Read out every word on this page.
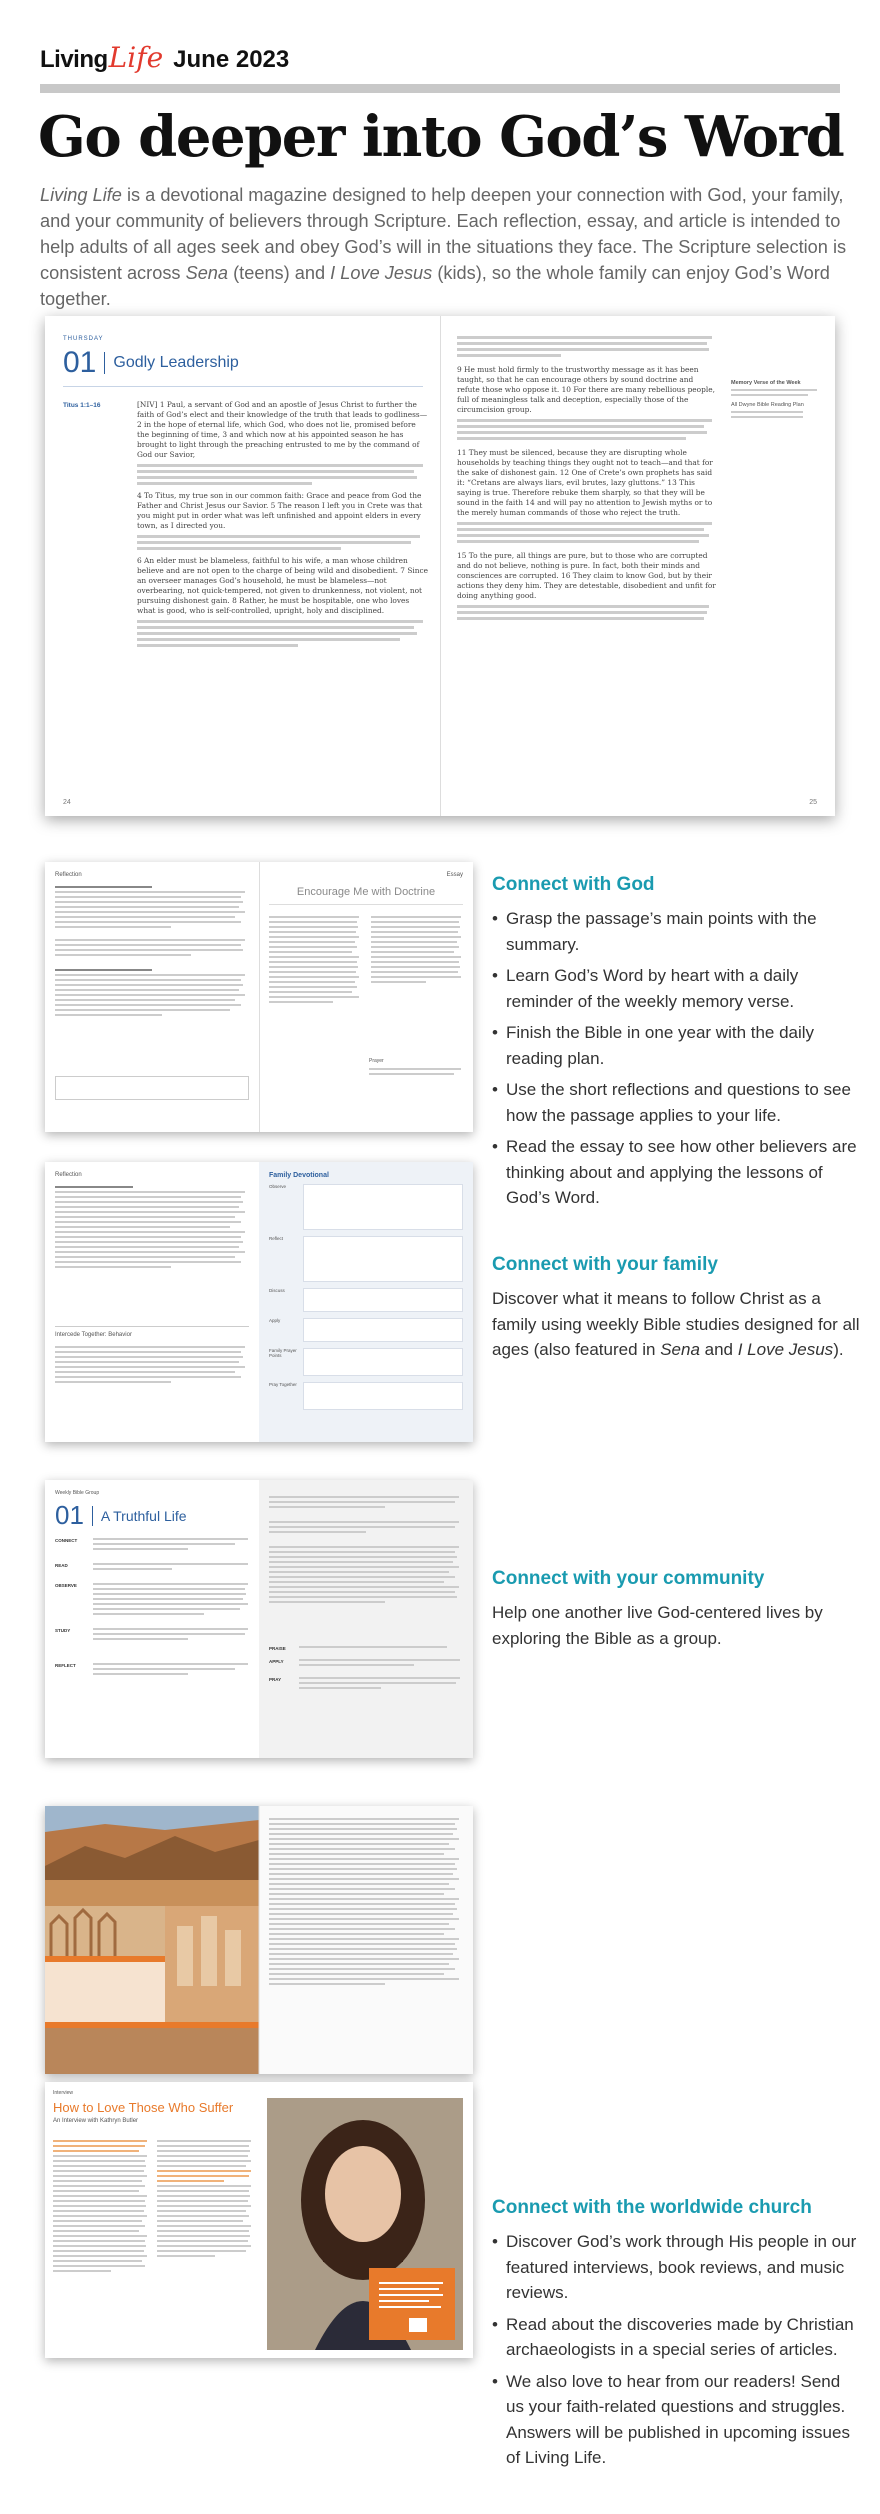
Living Life June 2023
Go deeper into God’s Word

Living Life is a devotional magazine designed to help deepen your connection with God, your family, and your community of believers through Scripture. Each reflection, essay, and article is intended to help adults of all ages seek and obey God’s will in the situations they face. The Scripture selection is consistent across Sena (teens) and I Love Jesus (kids), so the whole family can enjoy God’s Word together.

THURSDAY
01 Godly Leadership
Titus 1:1–16	[NIV] 1 Paul, a servant of God and an apostle of Jesus Christ to further the faith of God’s elect and their knowledge of the truth that leads to godliness— 2 in the hope of eternal life, which God, who does not lie, promised before the beginning of time, 3 and which now at his appointed season he has brought to light through the preaching entrusted to me by the command of God our Savior,

4 To Titus, my true son in our common faith: Grace and peace from God the Father and Christ Jesus our Savior. 5 The reason I left you in Crete was that you might put in order what was left unfinished and appoint elders in every town, as I directed you.

6 An elder must be blameless, faithful to his wife, a man whose children believe and are not open to the charge of being wild and disobedient. 7 Since an overseer manages God’s household, he must be blameless—not overbearing, not quick-tempered, not given to drunkenness, not violent, not pursuing dishonest gain. 8 Rather, he must be hospitable, one who loves what is good, who is self-controlled, upright, holy and disciplined.

24

9 He must hold firmly to the trustworthy message as it has been taught, so that he can encourage others by sound doctrine and refute those who oppose it. 10 For there are many rebellious people, full of meaningless talk and deception, especially those of the circumcision group.

11 They must be silenced, because they are disrupting whole households by teaching things they ought not to teach—and that for the sake of dishonest gain. 12 One of Crete’s own prophets has said it: “Cretans are always liars, evil brutes, lazy gluttons.” 13 This saying is true. Therefore rebuke them sharply, so that they will be sound in the faith 14 and will pay no attention to Jewish myths or to the merely human commands of those who reject the truth.

15 To the pure, all things are pure, but to those who are corrupted and do not believe, nothing is pure. In fact, both their minds and consciences are corrupted. 16 They claim to know God, but by their actions they deny him. They are detestable, disobedient and unfit for doing anything good.

Memory Verse of the Week
All Dwyne Bible Reading Plan
25
Reflection	Essay
Encourage Me with Doctrine
Prayer
Connect with God
• Grasp the passage’s main points with the summary.
• Learn God’s Word by heart with a daily reminder of the weekly memory verse.
• Finish the Bible in one year with the daily reading plan.
• Use the short reflections and questions to see how the passage applies to your life.
• Read the essay to see how other believers are thinking about and applying the lessons of God’s Word.
Reflection
Intercede Together: Behavior
Family Devotional
Observe
Reflect
Discuss
Apply
Family Prayer Points
Pray Together
Connect with your family

Discover what it means to follow Christ as a family using weekly Bible studies designed for all ages (also featured in Sena and I Love Jesus).

Weekly Bible Group
01 A Truthful Life
CONNECT
READ
OBSERVE
STUDY
REFLECT
PRAISE
APPLY
PRAY
Connect with your community

Help one another live God-centered lives by exploring the Bible as a group.

Interview
How to Love Those Who Suffer
An Interview with Kathryn Butler
Connect with the worldwide church
• Discover God’s work through His people in our featured interviews, book reviews, and music reviews.
• Read about the discoveries made by Christian archaeologists in a special series of articles.
• We also love to hear from our readers! Send us your faith-related questions and struggles. Answers will be published in upcoming issues of Living Life.
